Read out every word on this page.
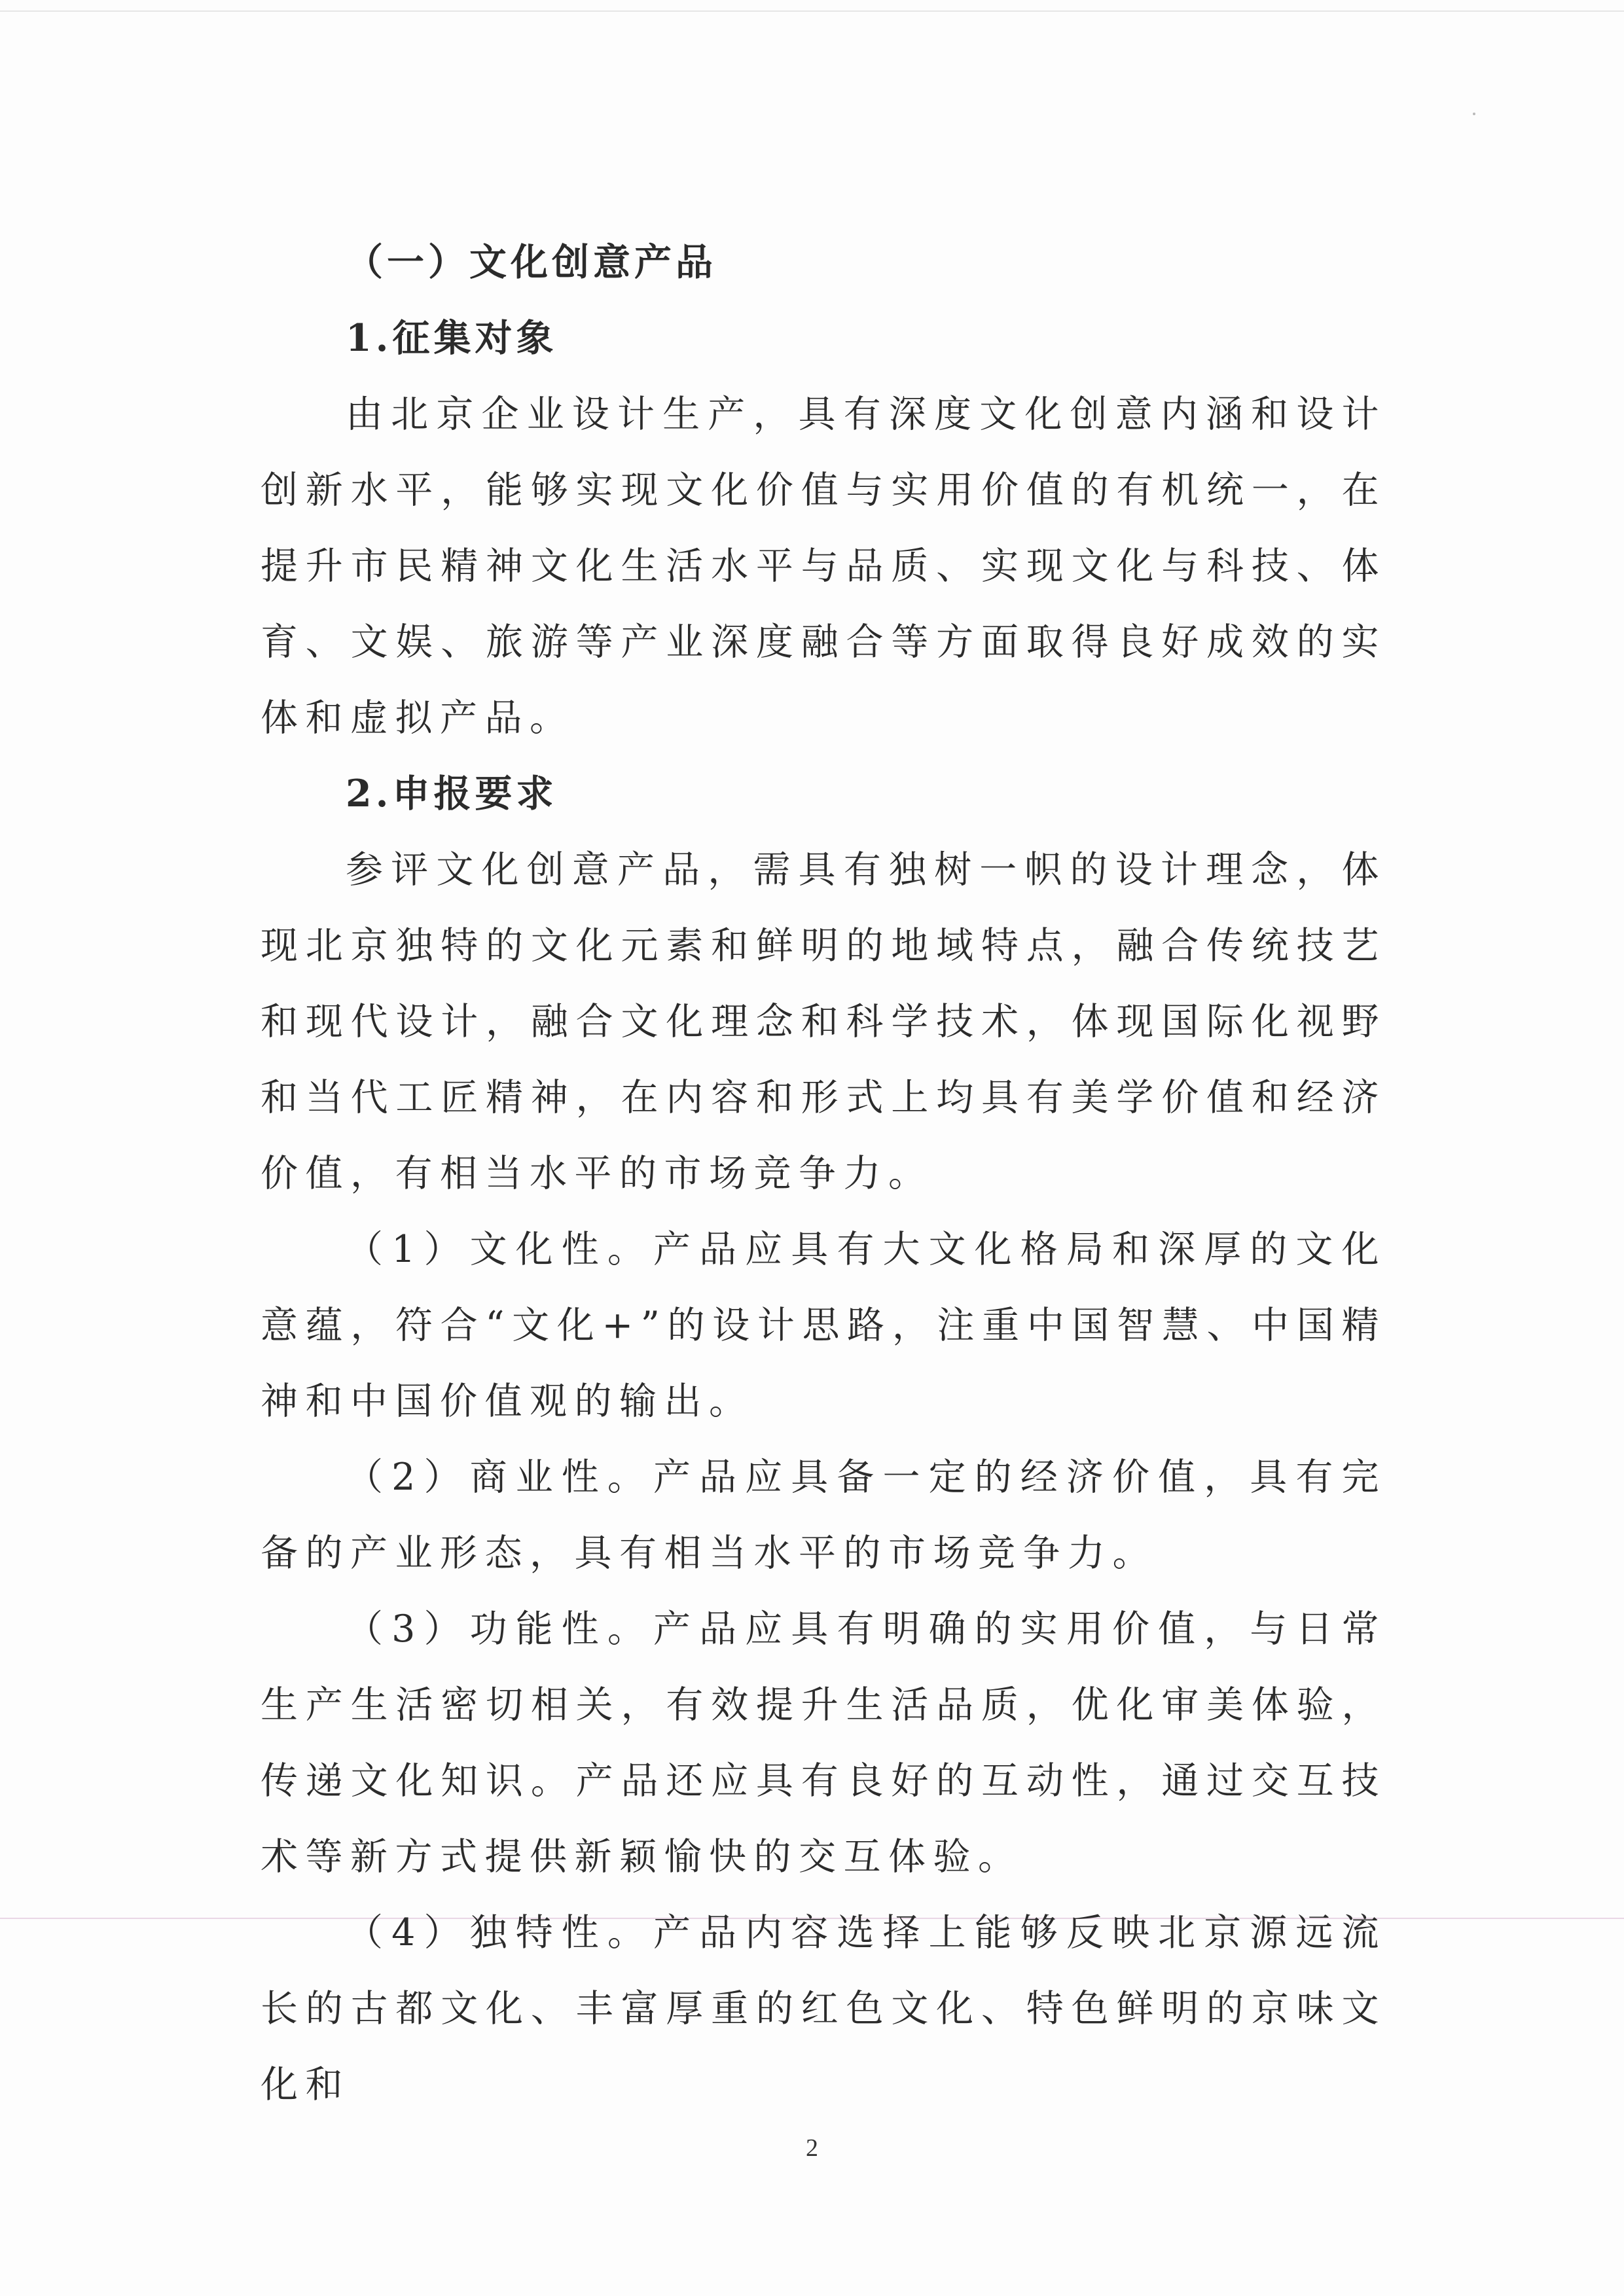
（一）文化创意产品
1.征集对象

由北京企业设计生产，具有深度文化创意内涵和设计创新水平，能够实现文化价值与实用价值的有机统一，在提升市民精神文化生活水平与品质、实现文化与科技、体育、文娱、旅游等产业深度融合等方面取得良好成效的实体和虚拟产品。

2.申报要求

参评文化创意产品，需具有独树一帜的设计理念，体现北京独特的文化元素和鲜明的地域特点，融合传统技艺和现代设计，融合文化理念和科学技术，体现国际化视野和当代工匠精神，在内容和形式上均具有美学价值和经济价值，有相当水平的市场竞争力。

（1）文化性。产品应具有大文化格局和深厚的文化意蕴，符合“文化+”的设计思路，注重中国智慧、中国精神和中国价值观的输出。

（2）商业性。产品应具备一定的经济价值，具有完备的产业形态，具有相当水平的市场竞争力。

（3）功能性。产品应具有明确的实用价值，与日常生产生活密切相关，有效提升生活品质，优化审美体验，传递文化知识。产品还应具有良好的互动性，通过交互技术等新方式提供新颖愉快的交互体验。

（4）独特性。产品内容选择上能够反映北京源远流长的古都文化、丰富厚重的红色文化、特色鲜明的京味文化和

2
